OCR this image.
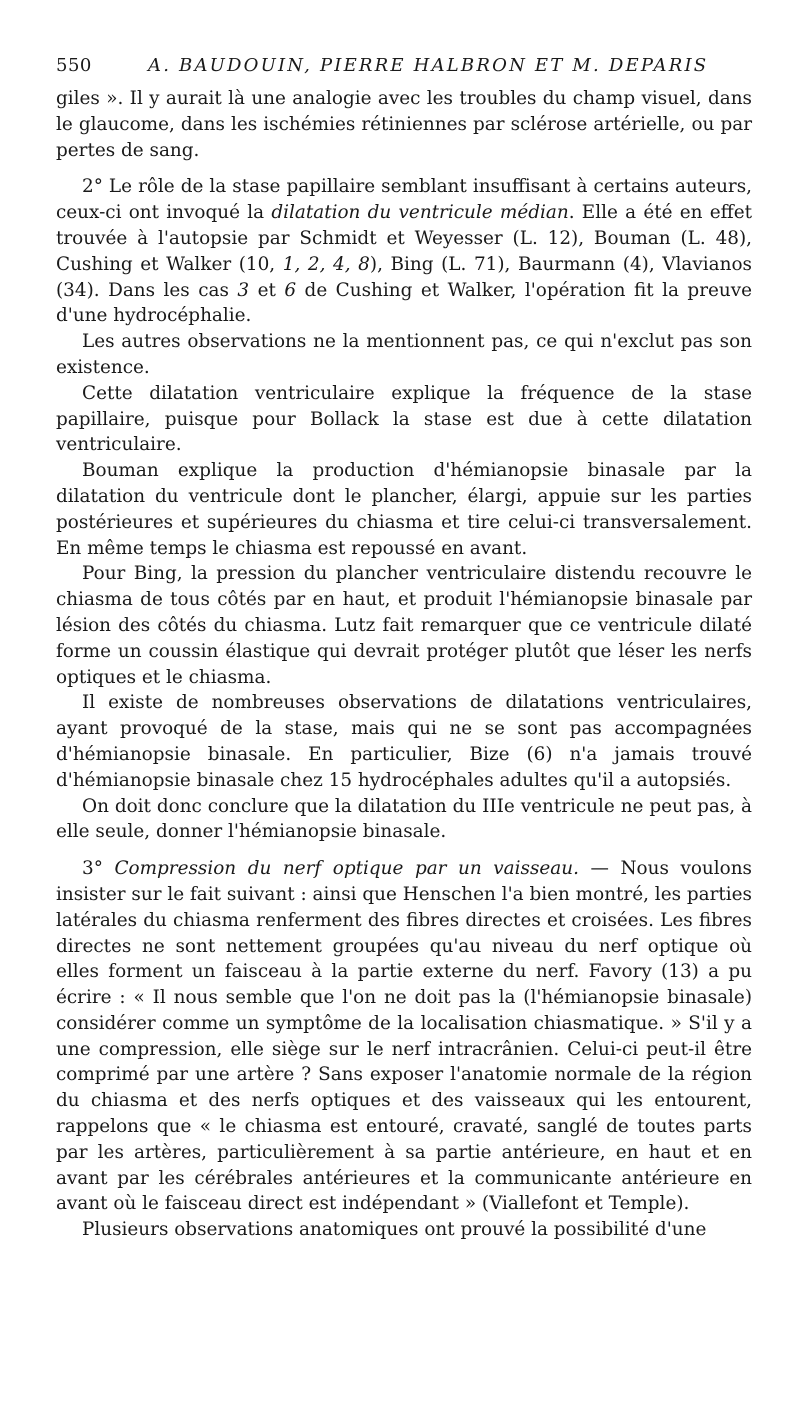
550	A. BAUDOUIN, PIERRE HALBRON ET M. DEPARIS

giles ». Il y aurait là une analogie avec les troubles du champ visuel, dans le glaucome, dans les ischémies rétiniennes par sclérose artérielle, ou par pertes de sang.

2° Le rôle de la stase papillaire semblant insuffisant à certains auteurs, ceux-ci ont invoqué la dilatation du ventricule médian. Elle a été en effet trouvée à l'autopsie par Schmidt et Weyesser (L. 12), Bouman (L. 48), Cushing et Walker (10, 1, 2, 4, 8), Bing (L. 71), Baurmann (4), Vlavianos (34). Dans les cas 3 et 6 de Cushing et Walker, l'opération fit la preuve d'une hydrocéphalie.

Les autres observations ne la mentionnent pas, ce qui n'exclut pas son existence.

Cette dilatation ventriculaire explique la fréquence de la stase papillaire, puisque pour Bollack la stase est due à cette dilatation ventriculaire.

Bouman explique la production d'hémianopsie binasale par la dilatation du ventricule dont le plancher, élargi, appuie sur les parties postérieures et supérieures du chiasma et tire celui-ci transversalement. En même temps le chiasma est repoussé en avant.

Pour Bing, la pression du plancher ventriculaire distendu recouvre le chiasma de tous côtés par en haut, et produit l'hémianopsie binasale par lésion des côtés du chiasma. Lutz fait remarquer que ce ventricule dilaté forme un coussin élastique qui devrait protéger plutôt que léser les nerfs optiques et le chiasma.

Il existe de nombreuses observations de dilatations ventriculaires, ayant provoqué de la stase, mais qui ne se sont pas accompagnées d'hémianopsie binasale. En particulier, Bize (6) n'a jamais trouvé d'hémianopsie binasale chez 15 hydrocéphales adultes qu'il a autopsiés.

On doit donc conclure que la dilatation du IIIe ventricule ne peut pas, à elle seule, donner l'hémianopsie binasale.

3° Compression du nerf optique par un vaisseau. — Nous voulons insister sur le fait suivant : ainsi que Henschen l'a bien montré, les parties latérales du chiasma renferment des fibres directes et croisées. Les fibres directes ne sont nettement groupées qu'au niveau du nerf optique où elles forment un faisceau à la partie externe du nerf. Favory (13) a pu écrire : « Il nous semble que l'on ne doit pas la (l'hémianopsie binasale) considérer comme un symptôme de la localisation chiasmatique. » S'il y a une compression, elle siège sur le nerf intracrânien. Celui-ci peut-il être comprimé par une artère ? Sans exposer l'anatomie normale de la région du chiasma et des nerfs optiques et des vaisseaux qui les entourent, rappelons que « le chiasma est entouré, cravaté, sanglé de toutes parts par les artères, particulièrement à sa partie antérieure, en haut et en avant par les cérébrales antérieures et la communicante antérieure en avant où le faisceau direct est indépendant » (Viallefont et Temple).

Plusieurs observations anatomiques ont prouvé la possibilité d'une
